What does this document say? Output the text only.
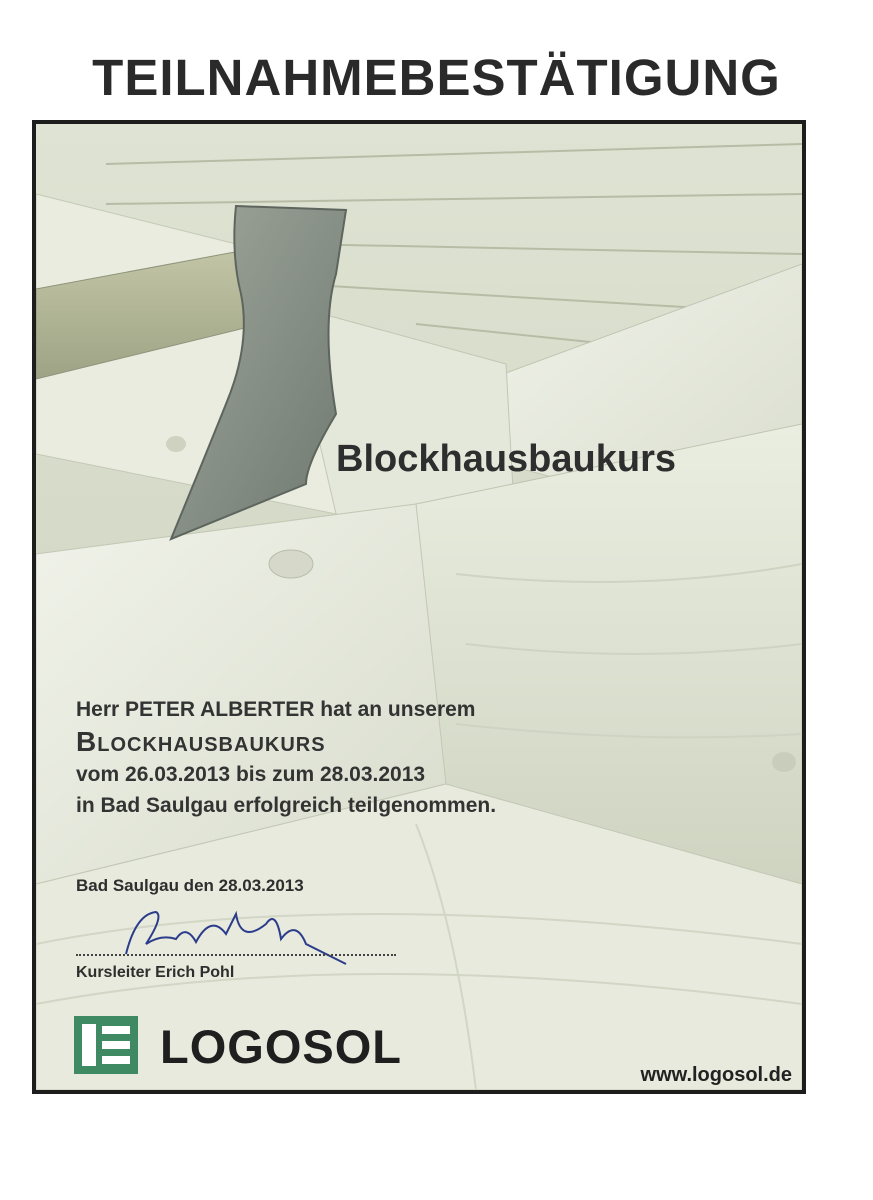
TEILNAHMEBESTÄTIGUNG
Blockhausbaukurs
Herr PETER ALBERTER hat an unserem
Blockhausbaukurs
vom 26.03.2013 bis zum 28.03.2013
in Bad Saulgau erfolgreich teilgenommen.
Bad Saulgau den 28.03.2013
Kursleiter Erich Pohl
LOGOSOL
www.logosol.de
